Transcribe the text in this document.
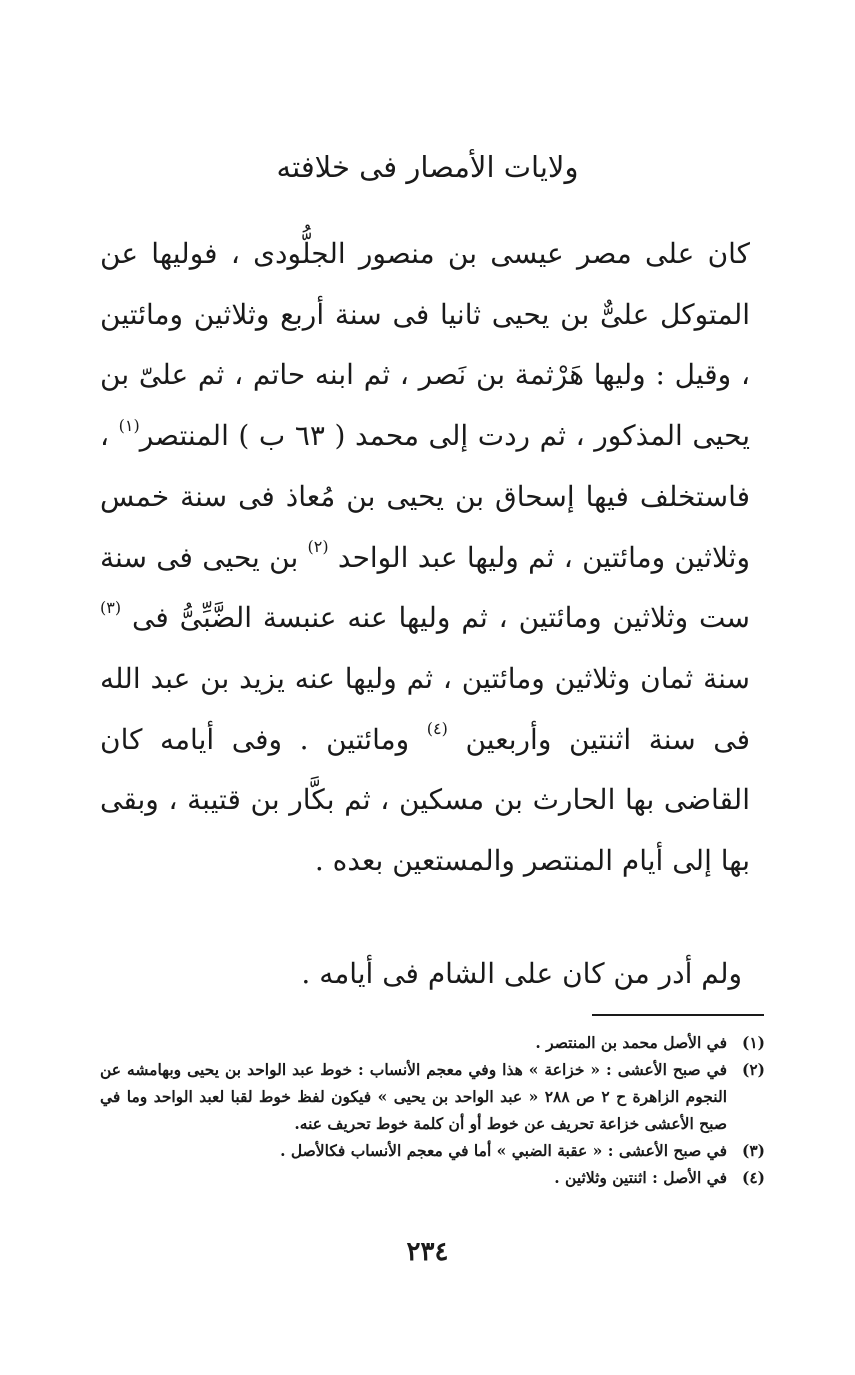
ولايات الأمصار فى خلافته

كان على مصر عيسى بن منصور الجلُّودى ، فوليها عن المتوكل علىٌّ بن يحيى ثانيا فى سنة أربع وثلاثين ومائتين ، وقيل : وليها هَرْثمة بن نَصر ، ثم ابنه حاتم ، ثم علىّ بن يحيى المذكور ، ثم ردت إلى محمد ( ٦٣ ب ) المنتصر$^{(١)}$ ، فاستخلف فيها إسحاق بن يحيى بن مُعاذ فى سنة خمس وثلاثين ومائتين ، ثم وليها عبد الواحد $^{(٢)}$ بن يحيى فى سنة ست وثلاثين ومائتين ، ثم وليها عنه عنبسة الضَّبِّىُّ فى $^{(٣)}$ سنة ثمان وثلاثين ومائتين ، ثم وليها عنه يزيد بن عبد الله فى سنة اثنتين وأربعين $^{(٤)}$ ومائتين . وفى أيامه كان القاضى بها الحارث بن مسكين ، ثم بكَّار بن قتيبة ، وبقى بها إلى أيام المنتصر والمستعين بعده .

ولم أدر من كان على الشام فى أيامه .
(١)
في الأصل محمد بن المنتصر .
(٢)
في صبح الأعشى : « خزاعة » هذا وفي معجم الأنساب : خوط عبد الواحد بن يحيى وبهامشه عن النجوم الزاهرة ح ٢ ص ٢٨٨ « عبد الواحد بن يحيى » فيكون لفظ خوط لقبا لعبد الواحد وما في صبح الأعشى خزاعة تحريف عن خوط أو أن كلمة خوط تحريف عنه.
(٣)
في صبح الأعشى : « عقبة الضبي » أما في معجم الأنساب فكالأصل .
(٤)
في الأصل : اثنتين وثلاثين .
٢٣٤
